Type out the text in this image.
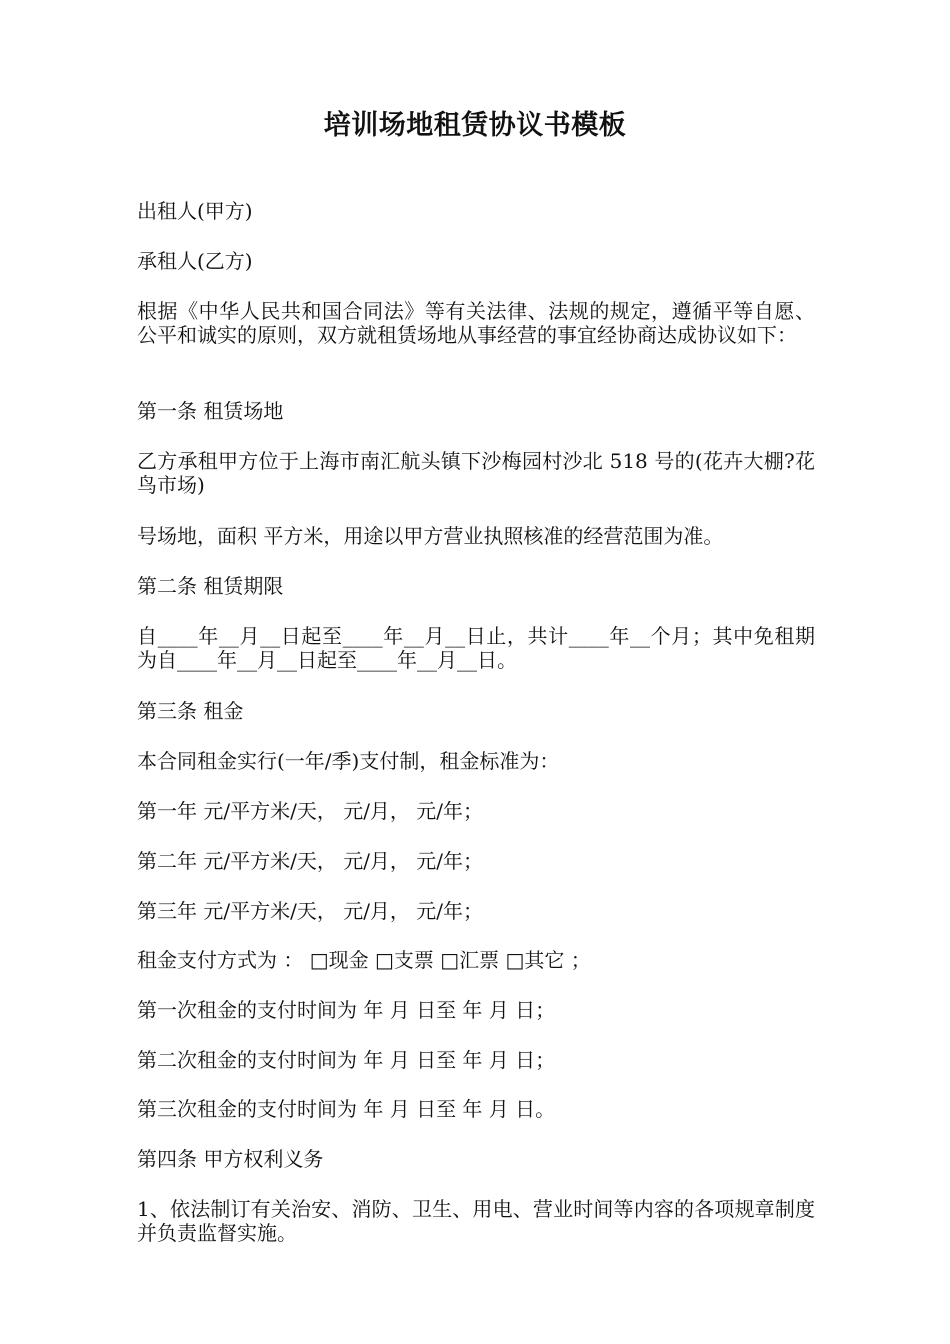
培训场地租赁协议书模板
出租人(甲方)
承租人(乙方)
根据《中华人民共和国合同法》等有关法律、法规的规定，遵循平等自愿、公平和诚实的原则，双方就租赁场地从事经营的事宜经协商达成协议如下：
第一条 租赁场地
乙方承租甲方位于上海市南汇航头镇下沙梅园村沙北 518 号的(花卉大棚?花鸟市场)
号场地，面积 平方米，用途以甲方营业执照核准的经营范围为准。
第二条 租赁期限
自____年__月__日起至____年__月__日止，共计____年__个月；其中免租期为自____年__月__日起至____年__月__日。
第三条 租金
本合同租金实行(一年/季)支付制，租金标准为：
第一年 元/平方米/天， 元/月， 元/年；
第二年 元/平方米/天， 元/月， 元/年；
第三年 元/平方米/天， 元/月， 元/年；
租金支付方式为 ： □现金 □支票 □汇票 □其它 ；
第一次租金的支付时间为 年 月 日至 年 月 日；
第二次租金的支付时间为 年 月 日至 年 月 日；
第三次租金的支付时间为 年 月 日至 年 月 日。
第四条 甲方权利义务
1、依法制订有关治安、消防、卫生、用电、营业时间等内容的各项规章制度并负责监督实施。
